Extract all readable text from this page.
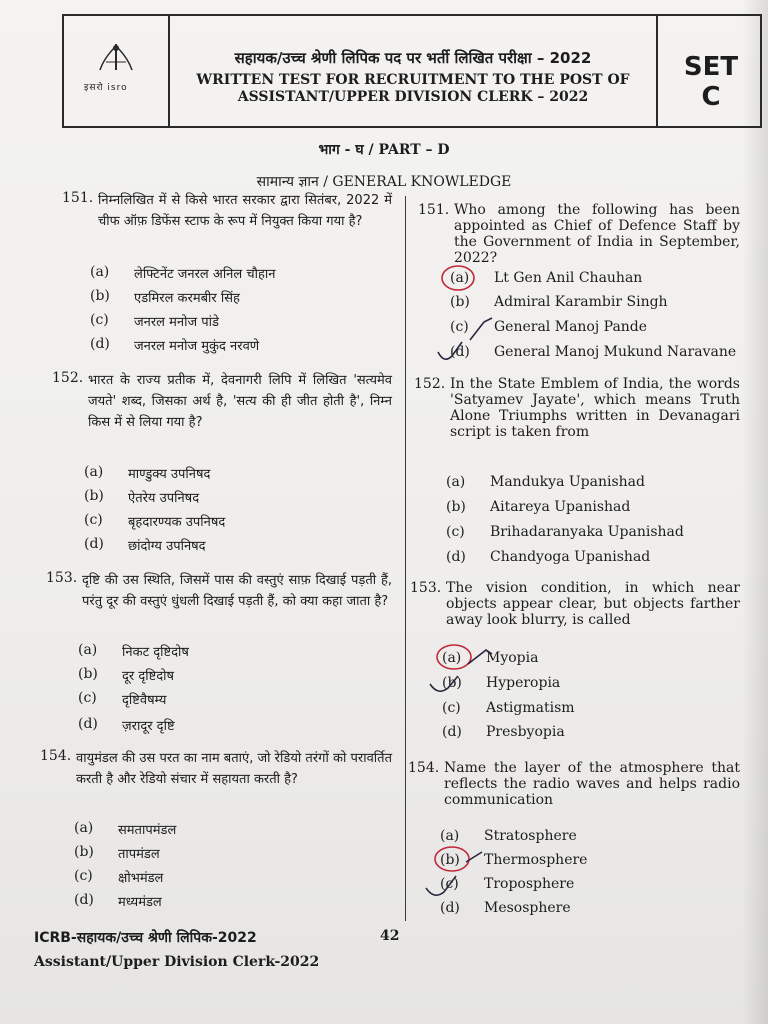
इसरो isro
सहायक/उच्च श्रेणी लिपिक पद पर भर्ती लिखित परीक्षा – 2022
WRITTEN TEST FOR RECRUITMENT TO THE POST OF
ASSISTANT/UPPER DIVISION CLERK – 2022
SET
C
भाग - घ / PART – D
सामान्य ज्ञान / GENERAL KNOWLEDGE
151. निम्नलिखित में से किसे भारत सरकार द्वारा सितंबर, 2022 में चीफ ऑफ़ डिफेंस स्टाफ के रूप में नियुक्त किया गया है?
(a) लेफ्टिनेंट जनरल अनिल चौहान
(b) एडमिरल करमबीर सिंह
(c) जनरल मनोज पांडे
(d) जनरल मनोज मुकुंद नरवणे
152. भारत के राज्य प्रतीक में, देवनागरी लिपि में लिखित 'सत्यमेव जयते' शब्द, जिसका अर्थ है, 'सत्य की ही जीत होती है', निम्न किस में से लिया गया है?
(a) माण्डुक्य उपनिषद
(b) ऐतरेय उपनिषद
(c) बृहदारण्यक उपनिषद
(d) छांदोग्य उपनिषद
153. दृष्टि की उस स्थिति, जिसमें पास की वस्तुएं साफ़ दिखाई पड़ती हैं, परंतु दूर की वस्तुएं धुंधली दिखाई पड़ती हैं, को क्या कहा जाता है?
(a) निकट दृष्टिदोष
(b) दूर दृष्टिदोष
(c) दृष्टिवैषम्य
(d) ज़रादूर दृष्टि
154. वायुमंडल की उस परत का नाम बताएं, जो रेडियो तरंगों को परावर्तित करती है और रेडियो संचार में सहायता करती है?
(a) समतापमंडल
(b) तापमंडल
(c) क्षोभमंडल
(d) मध्यमंडल
151. Who among the following has been appointed as Chief of Defence Staff by the Government of India in September, 2022?
(a) Lt Gen Anil Chauhan
(b) Admiral Karambir Singh
(c) General Manoj Pande
(d) General Manoj Mukund Naravane
152. In the State Emblem of India, the words 'Satyamev Jayate', which means Truth Alone Triumphs written in Devanagari script is taken from
(a) Mandukya Upanishad
(b) Aitareya Upanishad
(c) Brihadaranyaka Upanishad
(d) Chandyoga Upanishad
153. The vision condition, in which near objects appear clear, but objects farther away look blurry, is called
(a) Myopia
(b) Hyperopia
(c) Astigmatism
(d) Presbyopia
154. Name the layer of the atmosphere that reflects the radio waves and helps radio communication
(a) Stratosphere
(b) Thermosphere
(c) Troposphere
(d) Mesosphere
ICRB-सहायक/उच्च श्रेणी लिपिक-2022	42
Assistant/Upper Division Clerk-2022
